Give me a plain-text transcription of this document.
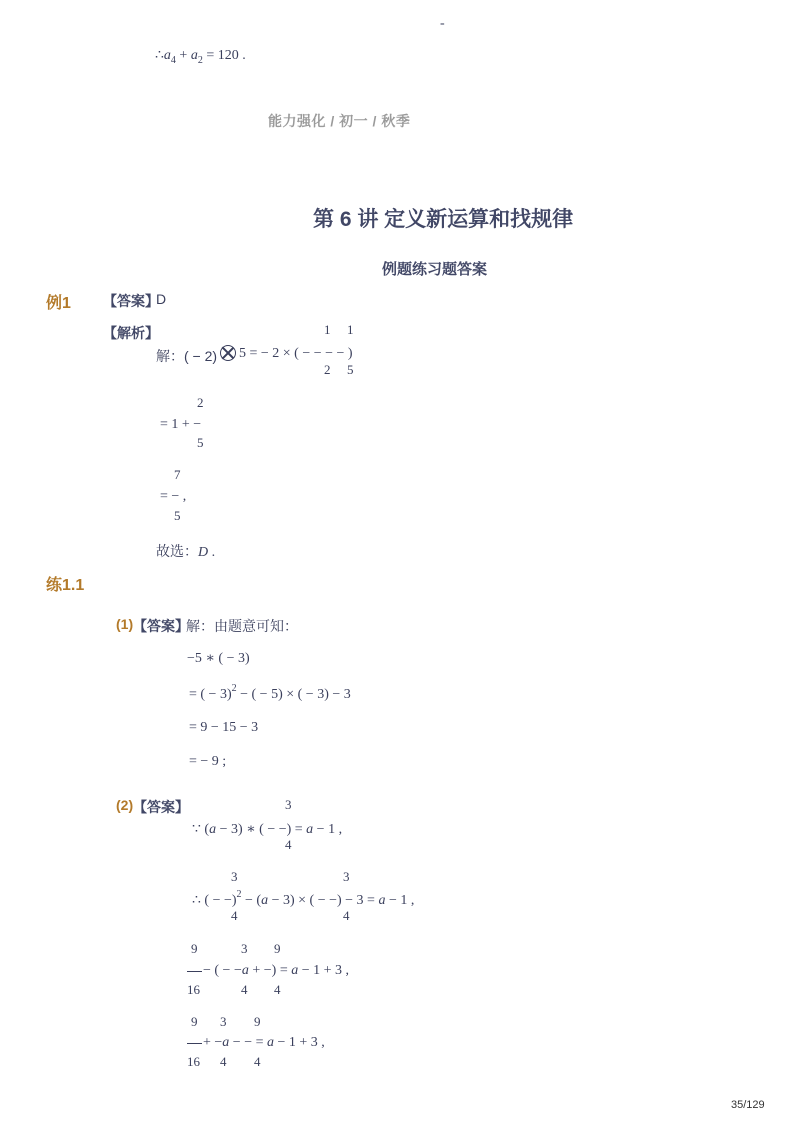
-
$\therefore a_4 + a_2 = 120$ .
能力强化 / 初一 / 秋季
第 6 讲 定义新运算和找规律
例题练习题答案
例1 【答案】
D
【解析】	1 1
解：( − 2) 5 = − 2 × ( − − − − )
2 5
2
= 1 + −
5
7
= − ,
5
故选：D .
练1.1
(1) 【答案】
解：由题意可知：
−5 ∗ ( − 3)
= ( − 3)$^2$ − ( − 5) × ( − 3) − 3
= 9 − 15 − 3
= − 9 ;
(2) 【答案】	3
∵ (a − 3) ∗ ( − −) = a − 1 ,
4
3	3
∴ ( − −)$^2$ − (a − 3) × ( − −) − 3 = a − 1 ,
4	4
9	3 9
− ( − −a + −) = a − 1 + 3 ,
16	4 4
9 3 9
+ −a − − = a − 1 + 3 ,
16 4 4
35/129
